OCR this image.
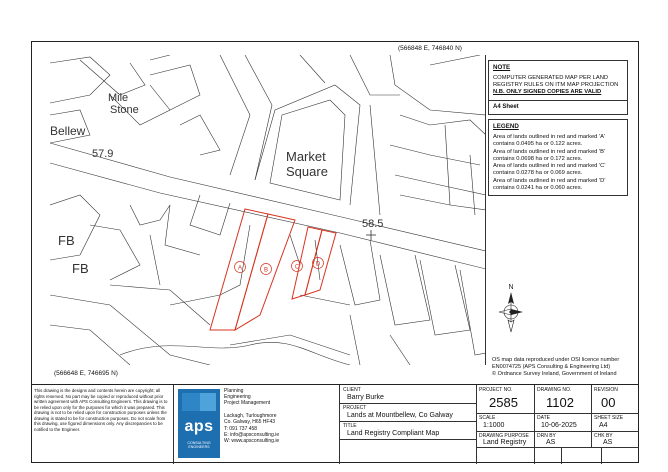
(566848 E, 746840 N)
(566648 E, 746695 N)
Mile
Stone
Bellew
57.9	Market
Square
58.5
FB
FB	A	B	C	D
NOTE
COMPUTER GENERATED MAP PER LAND REGISTRY RULES ON ITM MAP PROJECTION N.B. ONLY SIGNED COPIES ARE VALID
A4 Sheet
LEGEND
Area of lands outlined in red and marked 'A' contains 0.0495 ha or 0.122 acres.
Area of lands outlined in red and marked 'B' contains 0.0698 ha or 0.172 acres.
Area of lands outlined in red and marked 'C' contains 0.0278 ha or 0.069 acres.
Area of lands outlined in red and marked 'D' contains 0.0241 ha or 0.060 acres.
N
OS map data reproduced under OSI licence number
EN0074725 (APS Consulting & Engineering Ltd)
© Ordnance Survey Ireland, Government of Ireland
This drawing is the designs and contents herein are copyright; all rights reserved. No part may be copied or reproduced without prior written agreement with APS Consulting Engineers. This drawing is to be relied upon only for the purposes for which it was prepared. This drawing is not to be relied upon for construction purposes unless the drawing is stated to be for construction purposes. Do not scale from this drawing, use figured dimensions only. Any discrepancies to be notified to the Engineer.	aps
CONSULTING ENGINEERS
Planning
Engineering
Project Management
Lackagh, Turloughmore
Co. Galway, H65 HF43
T: 091 737 458
E: info@apsconsulting.ie
W: www.apsconsulting.ie
CLIENT
Barry Burke
PROJECT
Lands at Mountbellew, Co Galway
TITLE
Land Registry Compliant Map
PROJECT NO.
2585
DRAWING NO.
1102
REVISION
00
SCALE
1:1000
DATE
10-06-2025
SHEET SIZE
A4
DRAWING PURPOSE
Land Registry
DRN BY
AS
CHK BY
AS
